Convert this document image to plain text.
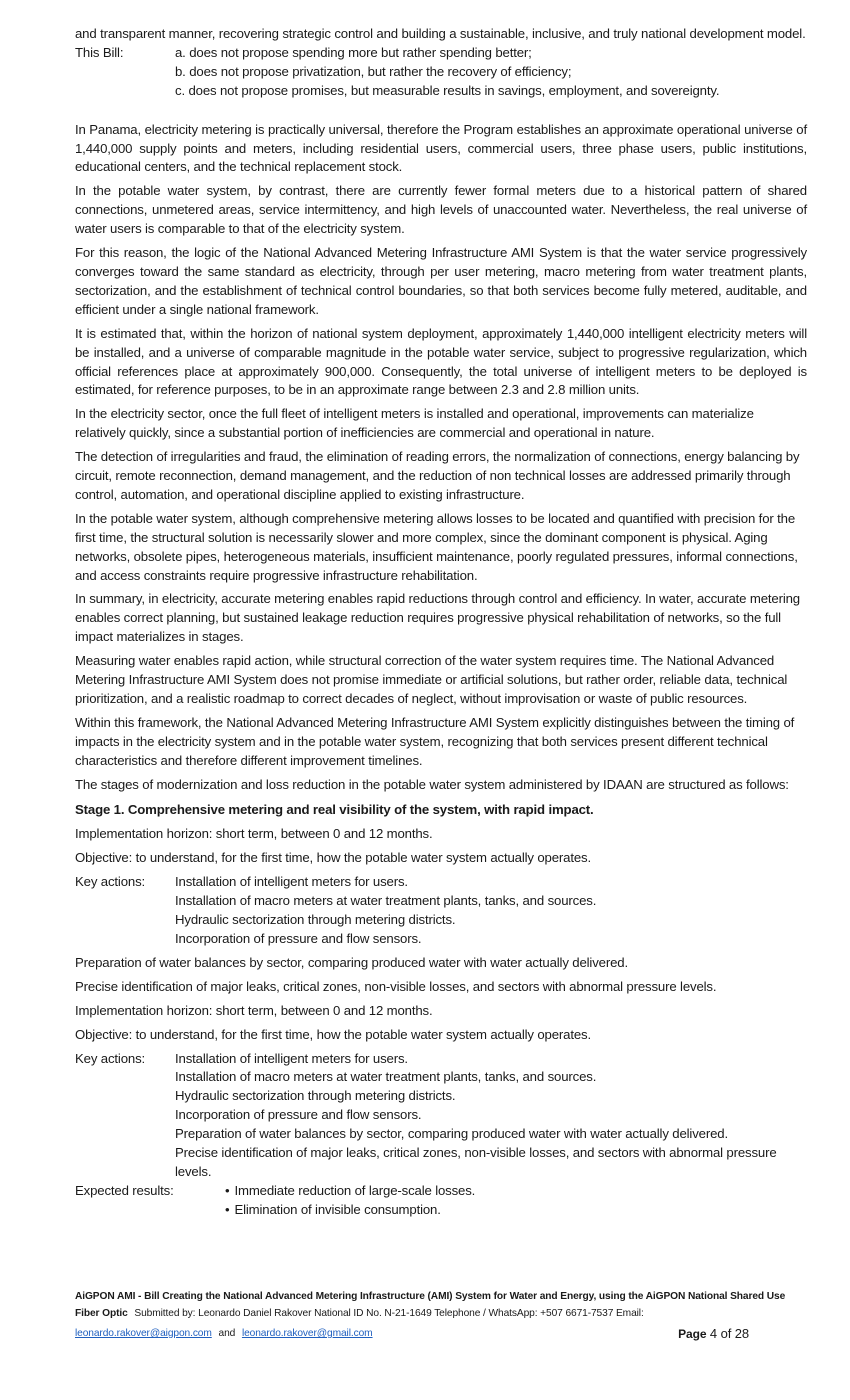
and transparent manner, recovering strategic control and building a sustainable, inclusive, and truly national development model.
This Bill:	a. does not propose spending more but rather spending better;
b. does not propose privatization, but rather the recovery of efficiency;
c. does not propose promises, but measurable results in savings, employment, and sovereignty.
In Panama, electricity metering is practically universal, therefore the Program establishes an approximate operational universe of 1,440,000 supply points and meters, including residential users, commercial users, three phase users, public institutions, educational centers, and the technical replacement stock.
In the potable water system, by contrast, there are currently fewer formal meters due to a historical pattern of shared connections, unmetered areas, service intermittency, and high levels of unaccounted water. Nevertheless, the real universe of water users is comparable to that of the electricity system.
For this reason, the logic of the National Advanced Metering Infrastructure AMI System is that the water service progressively converges toward the same standard as electricity, through per user metering, macro metering from water treatment plants, sectorization, and the establishment of technical control boundaries, so that both services become fully metered, auditable, and efficient under a single national framework.
It is estimated that, within the horizon of national system deployment, approximately 1,440,000 intelligent electricity meters will be installed, and a universe of comparable magnitude in the potable water service, subject to progressive regularization, which official references place at approximately 900,000. Consequently, the total universe of intelligent meters to be deployed is estimated, for reference purposes, to be in an approximate range between 2.3 and 2.8 million units.
In the electricity sector, once the full fleet of intelligent meters is installed and operational, improvements can materialize relatively quickly, since a substantial portion of inefficiencies are commercial and operational in nature.
The detection of irregularities and fraud, the elimination of reading errors, the normalization of connections, energy balancing by circuit, remote reconnection, demand management, and the reduction of non technical losses are addressed primarily through control, automation, and operational discipline applied to existing infrastructure.
In the potable water system, although comprehensive metering allows losses to be located and quantified with precision for the first time, the structural solution is necessarily slower and more complex, since the dominant component is physical. Aging networks, obsolete pipes, heterogeneous materials, insufficient maintenance, poorly regulated pressures, informal connections, and access constraints require progressive infrastructure rehabilitation.
In summary, in electricity, accurate metering enables rapid reductions through control and efficiency. In water, accurate metering enables correct planning, but sustained leakage reduction requires progressive physical rehabilitation of networks, so the full impact materializes in stages.
Measuring water enables rapid action, while structural correction of the water system requires time. The National Advanced Metering Infrastructure AMI System does not promise immediate or artificial solutions, but rather order, reliable data, technical prioritization, and a realistic roadmap to correct decades of neglect, without improvisation or waste of public resources.
Within this framework, the National Advanced Metering Infrastructure AMI System explicitly distinguishes between the timing of impacts in the electricity system and in the potable water system, recognizing that both services present different technical characteristics and therefore different improvement timelines.
The stages of modernization and loss reduction in the potable water system administered by IDAAN are structured as follows:
Stage 1. Comprehensive metering and real visibility of the system, with rapid impact.
Implementation horizon: short term, between 0 and 12 months.
Objective: to understand, for the first time, how the potable water system actually operates.
Key actions:	Installation of intelligent meters for users.
Installation of macro meters at water treatment plants, tanks, and sources.
Hydraulic sectorization through metering districts.
Incorporation of pressure and flow sensors.
Preparation of water balances by sector, comparing produced water with water actually delivered.
Precise identification of major leaks, critical zones, non-visible losses, and sectors with abnormal pressure levels.
Implementation horizon: short term, between 0 and 12 months.
Objective: to understand, for the first time, how the potable water system actually operates.
Key actions:	Installation of intelligent meters for users.
Installation of macro meters at water treatment plants, tanks, and sources.
Hydraulic sectorization through metering districts.
Incorporation of pressure and flow sensors.
Preparation of water balances by sector, comparing produced water with water actually delivered.
Precise identification of major leaks, critical zones, non-visible losses, and sectors with abnormal pressure levels.
Expected results:	• Immediate reduction of large-scale losses.
• Elimination of invisible consumption.
AiGPON AMI - Bill Creating the National Advanced Metering Infrastructure (AMI) System for Water and Energy, using the AiGPON National Shared Use Fiber Optic Submitted by: Leonardo Daniel Rakover National ID No. N-21-1649 Telephone / WhatsApp: +507 6671-7537 Email:
leonardo.rakover@aigpon.com and leonardo.rakover@gmail.com	Page 4 of 28
